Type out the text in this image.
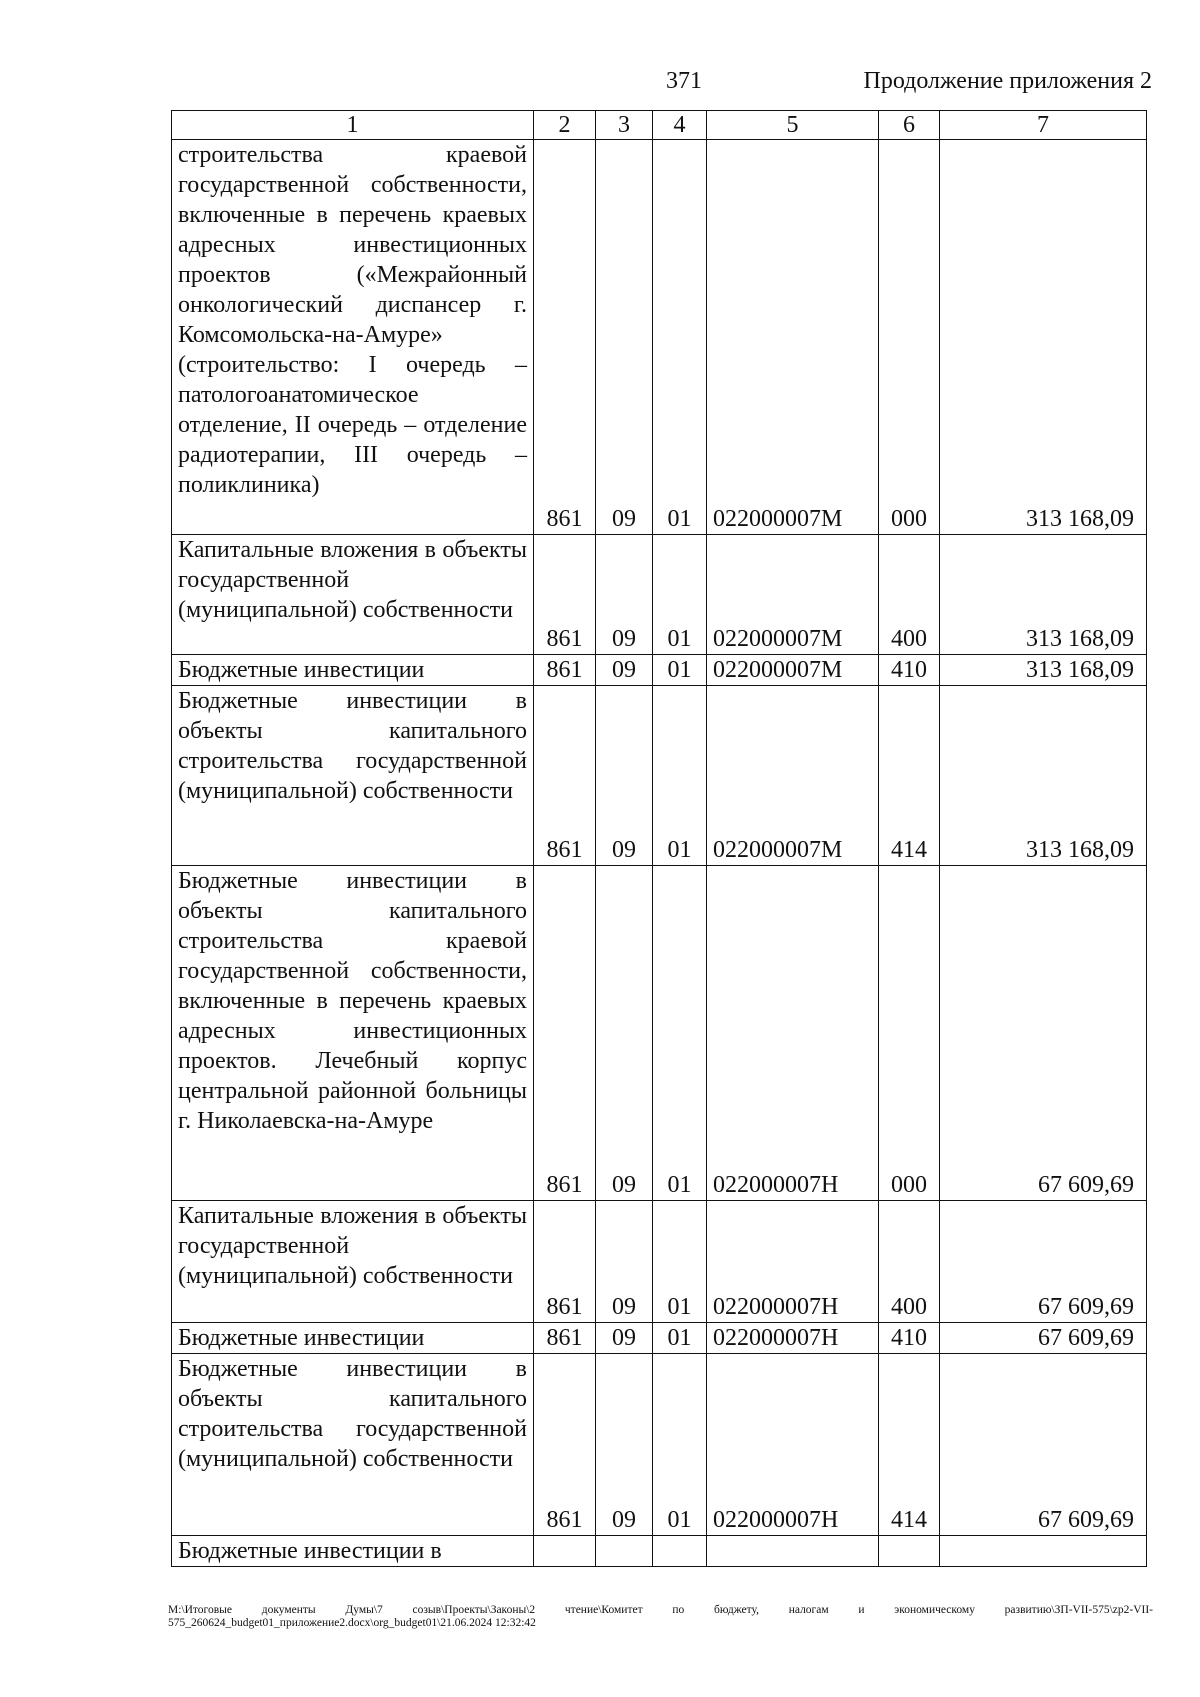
371	Продолжение приложения 2
1	2	3	4	5	6	7
строительства краевой государственной собственности, включенные в перечень краевых адресных инвестиционных проектов («Межрайонный онкологический диспансер г. Комсомольска-на-Амуре» (строительство: I очередь – патологоанатомическое отделение, II очередь – отделение радиотерапии, III очередь – поликлиника)	861	09	01	022000007М	000	313 168,09
Капитальные вложения в объекты государственной (муниципальной) собственности	861	09	01	022000007М	400	313 168,09
Бюджетные инвестиции	861	09	01	022000007М	410	313 168,09
Бюджетные инвестиции в объекты капитального строительства государственной (муниципальной) собственности	861	09	01	022000007М	414	313 168,09
Бюджетные инвестиции в объекты капитального строительства краевой государственной собственности, включенные в перечень краевых адресных инвестиционных проектов. Лечебный корпус центральной районной больницы г. Николаевска-на-Амуре	861	09	01	022000007Н	000	67 609,69
Капитальные вложения в объекты государственной (муниципальной) собственности	861	09	01	022000007Н	400	67 609,69
Бюджетные инвестиции	861	09	01	022000007Н	410	67 609,69
Бюджетные инвестиции в объекты капитального строительства государственной (муниципальной) собственности	861	09	01	022000007Н	414	67 609,69
Бюджетные инвестиции в						
M:\Итоговые документы Думы\7 созыв\Проекты\Законы\2 чтение\Комитет по бюджету, налогам и экономическому развитию\ЗП-VII-575\zp2-VII-575_260624_budget01_приложение2.docx\org_budget01\21.06.2024 12:32:42
